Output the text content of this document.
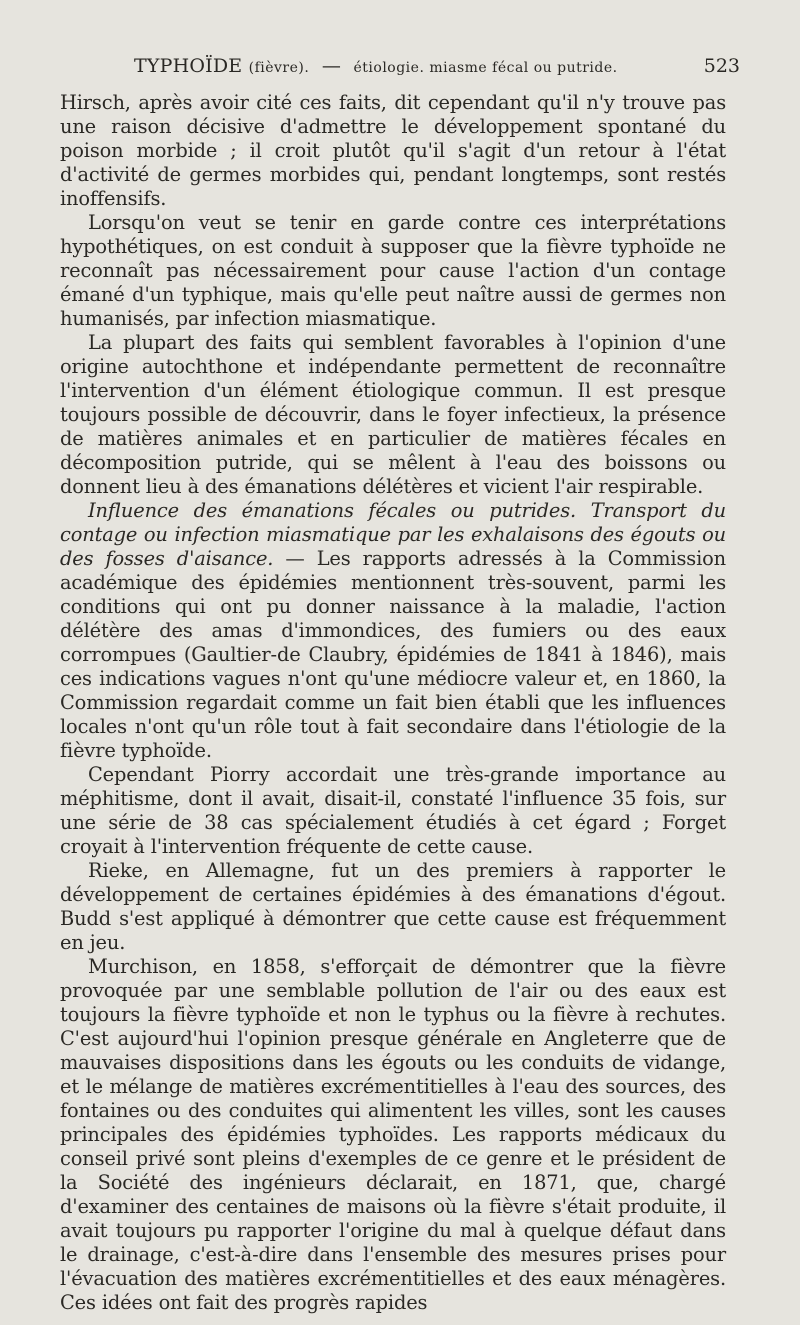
TYPHOÏDE (fièvre). — étiologie. miasme fécal ou putride.	523

Hirsch, après avoir cité ces faits, dit cependant qu'il n'y trouve pas une raison décisive d'admettre le développement spontané du poison morbide ; il croit plutôt qu'il s'agit d'un retour à l'état d'activité de germes morbides qui, pendant longtemps, sont restés inoffensifs.

Lorsqu'on veut se tenir en garde contre ces interprétations hypothétiques, on est conduit à supposer que la fièvre typhoïde ne reconnaît pas nécessairement pour cause l'action d'un contage émané d'un typhique, mais qu'elle peut naître aussi de germes non humanisés, par infection miasmatique.

La plupart des faits qui semblent favorables à l'opinion d'une origine autochthone et indépendante permettent de reconnaître l'intervention d'un élément étiologique commun. Il est presque toujours possible de découvrir, dans le foyer infectieux, la présence de matières animales et en particulier de matières fécales en décomposition putride, qui se mêlent à l'eau des boissons ou donnent lieu à des émanations délétères et vicient l'air respirable.

Influence des émanations fécales ou putrides. Transport du contage ou infection miasmatique par les exhalaisons des égouts ou des fosses d'aisance. — Les rapports adressés à la Commission académique des épidémies mentionnent très-souvent, parmi les conditions qui ont pu donner naissance à la maladie, l'action délétère des amas d'immondices, des fumiers ou des eaux corrompues (Gaultier-de Claubry, épidémies de 1841 à 1846), mais ces indications vagues n'ont qu'une médiocre valeur et, en 1860, la Commission regardait comme un fait bien établi que les influences locales n'ont qu'un rôle tout à fait secondaire dans l'étiologie de la fièvre typhoïde.

Cependant Piorry accordait une très-grande importance au méphitisme, dont il avait, disait-il, constaté l'influence 35 fois, sur une série de 38 cas spécialement étudiés à cet égard ; Forget croyait à l'intervention fréquente de cette cause.

Rieke, en Allemagne, fut un des premiers à rapporter le développement de certaines épidémies à des émanations d'égout. Budd s'est appliqué à démontrer que cette cause est fréquemment en jeu.

Murchison, en 1858, s'efforçait de démontrer que la fièvre provoquée par une semblable pollution de l'air ou des eaux est toujours la fièvre typhoïde et non le typhus ou la fièvre à rechutes. C'est aujourd'hui l'opinion presque générale en Angleterre que de mauvaises dispositions dans les égouts ou les conduits de vidange, et le mélange de matières excrémentitielles à l'eau des sources, des fontaines ou des conduites qui alimentent les villes, sont les causes principales des épidémies typhoïdes. Les rapports médicaux du conseil privé sont pleins d'exemples de ce genre et le président de la Société des ingénieurs déclarait, en 1871, que, chargé d'examiner des centaines de maisons où la fièvre s'était produite, il avait toujours pu rapporter l'origine du mal à quelque défaut dans le drainage, c'est-à-dire dans l'ensemble des mesures prises pour l'évacuation des matières excrémentitielles et des eaux ménagères. Ces idées ont fait des progrès rapides
